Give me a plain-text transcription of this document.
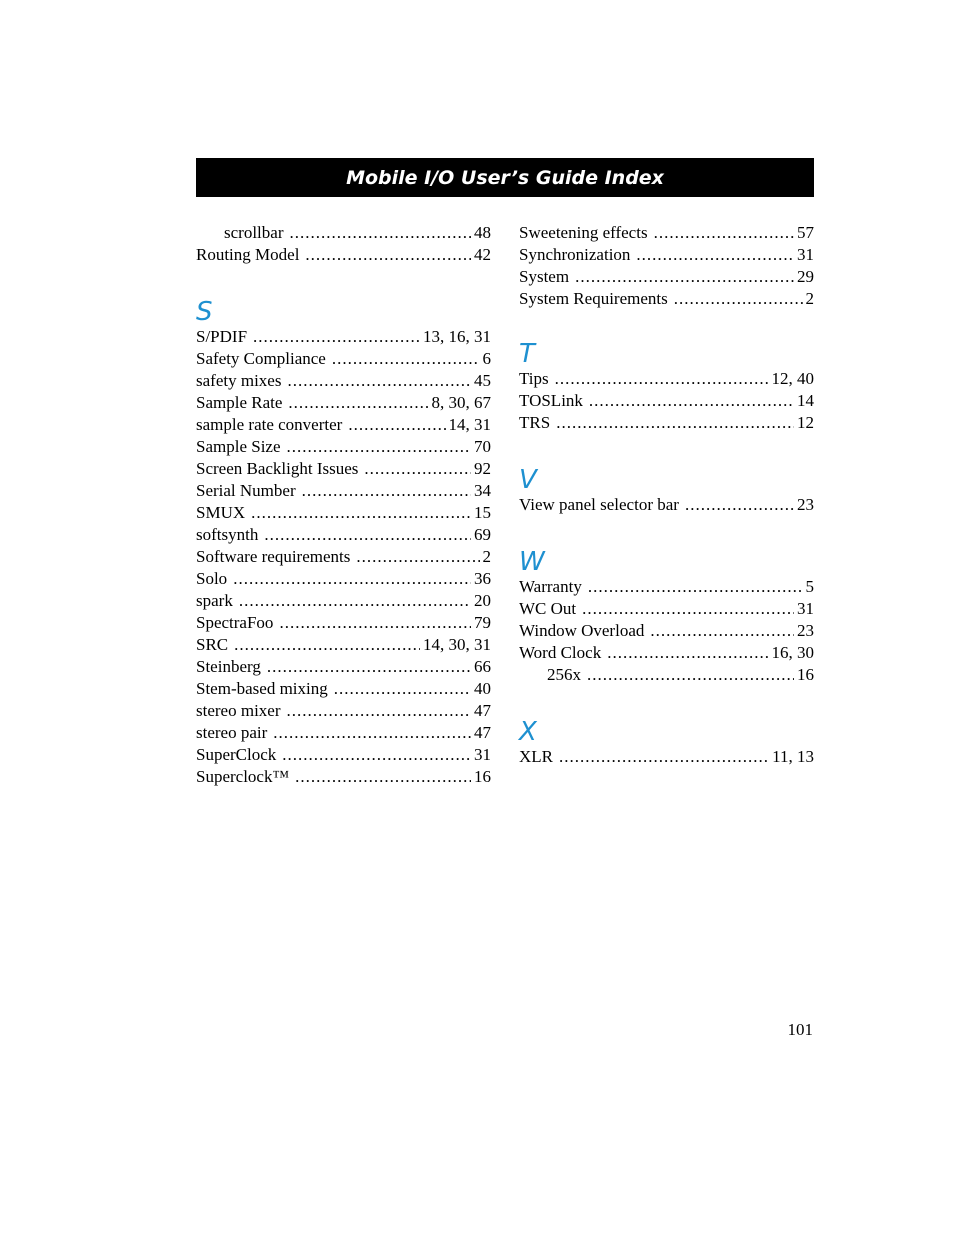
Mobile I/O User’s Guide Index
scrollbar .....	48
Routing Model .....	42
S
S/PDIF .....	13, 16, 31
Safety Compliance .....	6
safety mixes .....	45
Sample Rate .....	8, 30, 67
sample rate converter .....	14, 31
Sample Size .....	70
Screen Backlight Issues .....	92
Serial Number .....	34
SMUX .....	15
softsynth .....	69
Software requirements .....	2
Solo .....	36
spark .....	20
SpectraFoo .....	79
SRC .....	14, 30, 31
Steinberg .....	66
Stem-based mixing .....	40
stereo mixer .....	47
stereo pair .....	47
SuperClock .....	31
Superclock™ .....	16
Sweetening effects .....	57
Synchronization .....	31
System .....	29
System Requirements .....	2
T
Tips .....	12, 40
TOSLink .....	14
TRS .....	12
V
View panel selector bar .....	23
W
Warranty .....	5
WC Out .....	31
Window Overload .....	23
Word Clock .....	16, 30
256x .....	16
X
XLR .....	11, 13
101
